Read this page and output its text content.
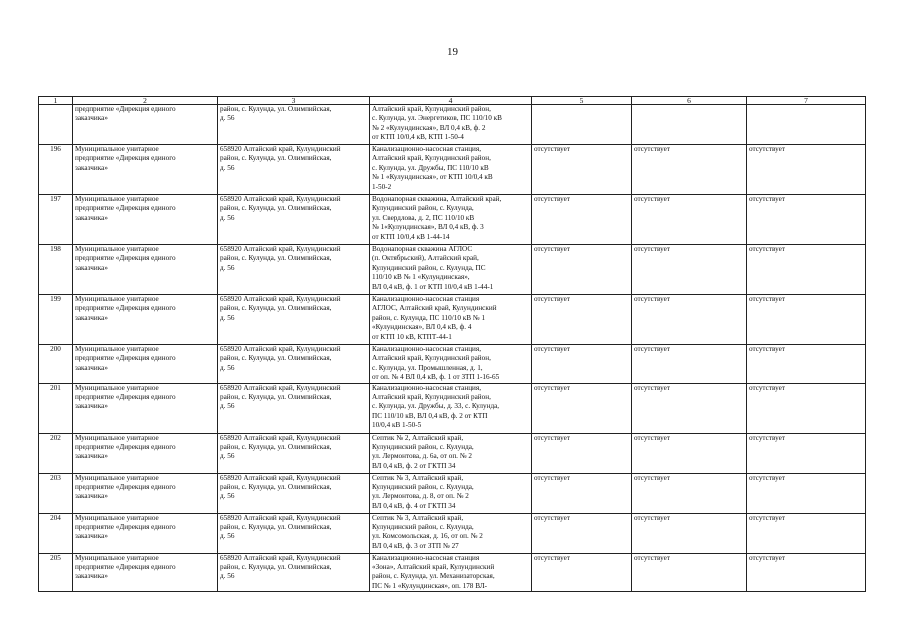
19
1	2	3	4	5	6	7

	предприятие «Дирекция единого
заказчика»	район, с. Кулунда, ул. Олимпийская,
д. 56	Алтайский край, Кулундинский район,
с. Кулунда, ул. Энергетиков, ПС 110/10 кВ
№ 2 «Кулундинская», ВЛ 0,4 кВ, ф. 2
от КТП 10/0,4 кВ, КТП 1-50-4			

196	Муниципальное унитарное
предприятие «Дирекция единого
заказчика»	658920 Алтайский край, Кулундинский
район, с. Кулунда, ул. Олимпийская,
д. 56	Канализационно-насосная станция,
Алтайский край, Кулундинский район,
с. Кулунда, ул. Дружбы, ПС 110/10 кВ
№ 1 «Кулундинская», от КТП 10/0,4 кВ
1-50-2	отсутствует	отсутствует	отсутствует
197	Муниципальное унитарное
предприятие «Дирекция единого
заказчика»	658920 Алтайский край, Кулундинский
район, с. Кулунда, ул. Олимпийская,
д. 56	Водонапорная скважина, Алтайский край,
Кулундинский район, с. Кулунда,
ул. Свердлова, д. 2, ПС 110/10 кВ
№ 1«Кулундинская», ВЛ 0,4 кВ, ф. 3
от КТП 10/0,4 кВ 1-44-14	отсутствует	отсутствует	отсутствует
198	Муниципальное унитарное
предприятие «Дирекция единого
заказчика»	658920 Алтайский край, Кулундинский
район, с. Кулунда, ул. Олимпийская,
д. 56	Водонапорная скважина АГЛОС
(п. Октябрьский), Алтайский край,
Кулундинский район, с. Кулунда, ПС
110/10 кВ № 1 «Кулундинская»,
ВЛ 0,4 кВ, ф. 1 от КТП 10/0,4 кВ 1-44-1	отсутствует	отсутствует	отсутствует
199	Муниципальное унитарное
предприятие «Дирекция единого
заказчика»	658920 Алтайский край, Кулундинский
район, с. Кулунда, ул. Олимпийская,
д. 56	Канализационно-насосная станция
АГЛОС, Алтайский край, Кулундинский
район, с. Кулунда, ПС 110/10 кВ № 1
«Кулундинская», ВЛ 0,4 кВ, ф. 4
от КТП 10 кВ, КТПТ-44-1	отсутствует	отсутствует	отсутствует
200	Муниципальное унитарное
предприятие «Дирекция единого
заказчика»	658920 Алтайский край, Кулундинский
район, с. Кулунда, ул. Олимпийская,
д. 56	Канализационно-насосная станция,
Алтайский край, Кулундинский район,
с. Кулунда, ул. Промышленная, д. 1,
от оп. № 4 ВЛ 0,4 кВ, ф. 1 от ЗТП 1-16-65	отсутствует	отсутствует	отсутствует
201	Муниципальное унитарное
предприятие «Дирекция единого
заказчика»	658920 Алтайский край, Кулундинский
район, с. Кулунда, ул. Олимпийская,
д. 56	Канализационно-насосная станция,
Алтайский край, Кулундинский район,
с. Кулунда, ул. Дружбы, д. 33, с. Кулунда,
ПС 110/10 кВ, ВЛ 0,4 кВ, ф. 2 от КТП
10/0,4 кВ 1-50-5	отсутствует	отсутствует	отсутствует
202	Муниципальное унитарное
предприятие «Дирекция единого
заказчика»	658920 Алтайский край, Кулундинский
район, с. Кулунда, ул. Олимпийская,
д. 56	Септик № 2, Алтайский край,
Кулундинский район, с. Кулунда,
ул. Лермонтова, д. 6а, от оп. № 2
ВЛ 0,4 кВ, ф. 2 от ГКТП 34	отсутствует	отсутствует	отсутствует
203	Муниципальное унитарное
предприятие «Дирекция единого
заказчика»	658920 Алтайский край, Кулундинский
район, с. Кулунда, ул. Олимпийская,
д. 56	Септик № 3, Алтайский край,
Кулундинский район, с. Кулунда,
ул. Лермонтова, д. 8, от оп. № 2
ВЛ 0,4 кВ, ф. 4 от ГКТП 34	отсутствует	отсутствует	отсутствует
204	Муниципальное унитарное
предприятие «Дирекция единого
заказчика»	658920 Алтайский край, Кулундинский
район, с. Кулунда, ул. Олимпийская,
д. 56	Септик № 3, Алтайский край,
Кулундинский район, с. Кулунда,
ул. Комсомольская, д. 16, от оп. № 2
ВЛ 0,4 кВ, ф. 3 от ЗТП № 27	отсутствует	отсутствует	отсутствует
205	Муниципальное унитарное
предприятие «Дирекция единого
заказчика»	658920 Алтайский край, Кулундинский
район, с. Кулунда, ул. Олимпийская,
д. 56	Канализационно-насосная станция
«Зона», Алтайский край, Кулундинский
район, с. Кулунда, ул. Механизаторская,
ПС № 1 «Кулундинская», оп. 178 ВЛ-	отсутствует	отсутствует	отсутствует
